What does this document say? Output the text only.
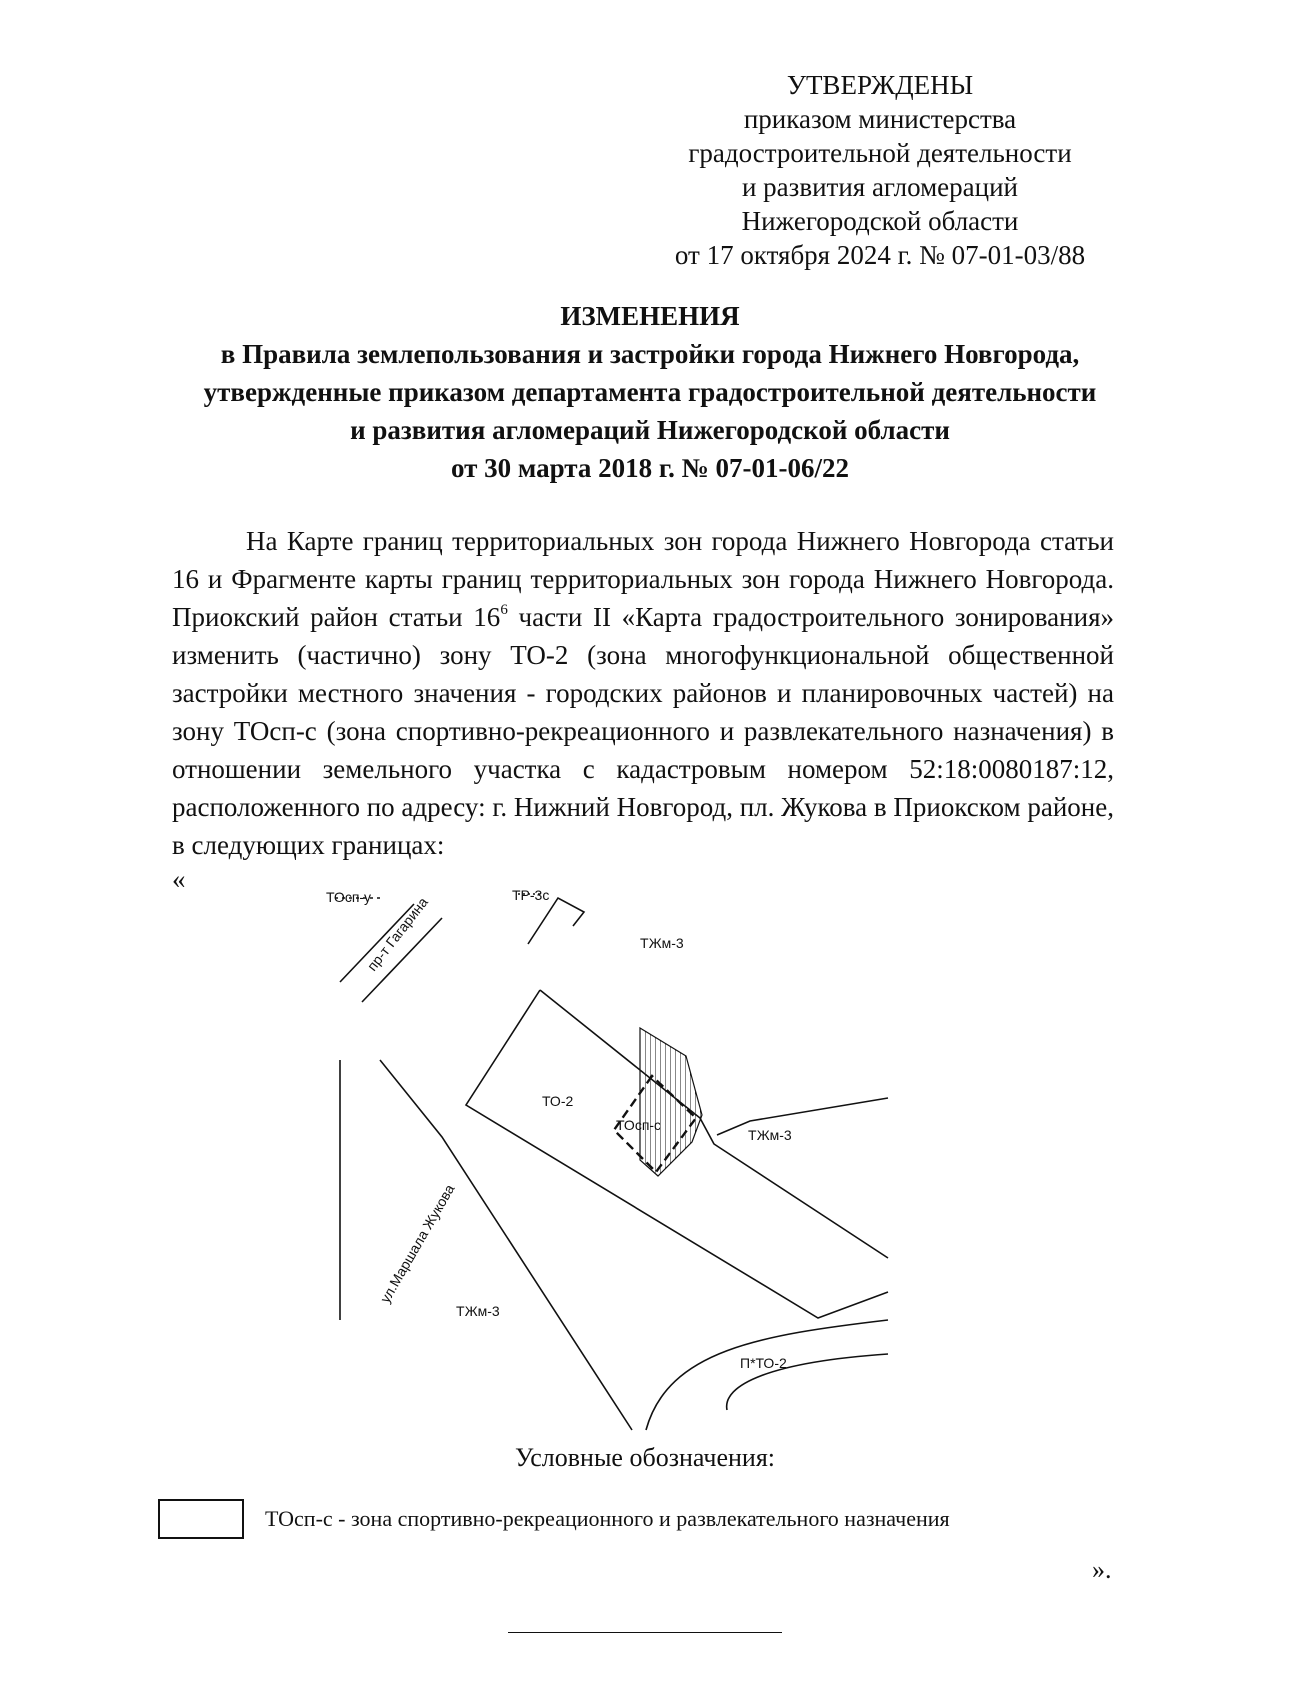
УТВЕРЖДЕНЫ
приказом министерства
градостроительной деятельности
и развития агломераций
Нижегородской области
от 17 октября 2024 г. № 07-01-03/88
ИЗМЕНЕНИЯ
в Правила землепользования и застройки города Нижнего Новгорода,
утвержденные приказом департамента градостроительной деятельности
и развития агломераций Нижегородской области
от 30 марта 2018 г. № 07-01-06/22

На Карте границ территориальных зон города Нижнего Новгорода статьи 16 и Фрагменте карты границ территориальных зон города Нижнего Новгорода. Приокский район статьи $16^6$ части II «Карта градостроительного зонирования» изменить (частично) зону ТО-2 (зона многофункциональной общественной застройки местного значения - городских районов и планировочных частей) на зону ТОсп-с (зона спортивно-рекреационного и развлекательного назначения) в отношении земельного участка с кадастровым номером 52:18:0080187:12, расположенного по адресу: г. Нижний Новгород, пл. Жукова в Приокском районе, в следующих границах:

«
ТОсп-у	ТР-3с
пр-т Гагарина	ТЖм-3
ТО-2
ТОсп-с
ТЖм-3
ул.Маршала Жукова
ТЖм-3
П*ТО-2
Условные обозначения:
ТОсп-с - зона спортивно-рекреационного и развлекательного назначения
».
